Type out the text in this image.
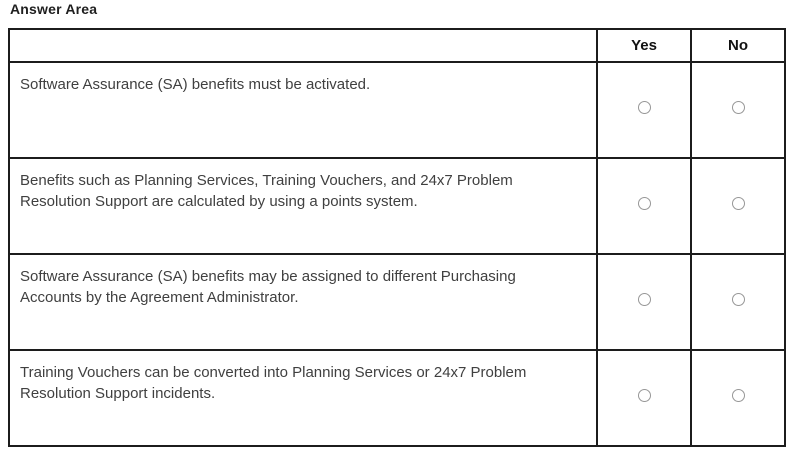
Answer Area
	Yes	No
Software Assurance (SA) benefits must be activated.		
Benefits such as Planning Services, Training Vouchers, and 24x7 Problem Resolution Support are calculated by using a points system.		
Software Assurance (SA) benefits may be assigned to different Purchasing Accounts by the Agreement Administrator.		
Training Vouchers can be converted into Planning Services or 24x7 Problem Resolution Support incidents.		
